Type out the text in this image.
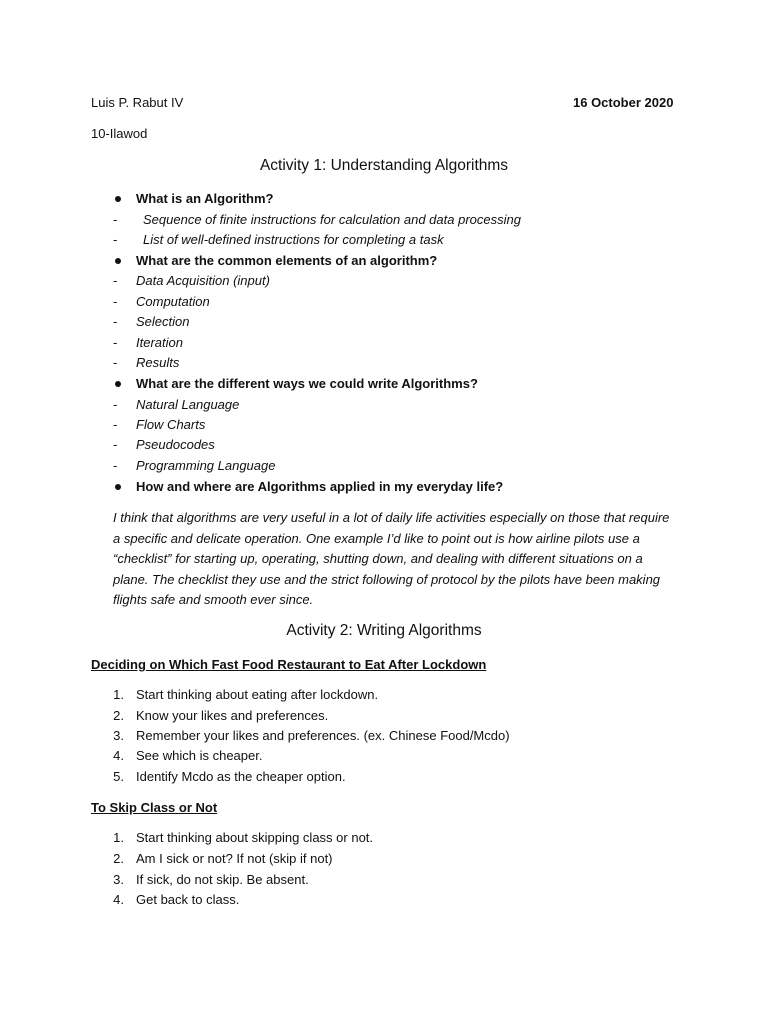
Luis P. Rabut IV	16 October 2020
10-Ilawod
Activity 1: Understanding Algorithms
What is an Algorithm?
- Sequence of finite instructions for calculation and data processing
- List of well-defined instructions for completing a task
What are the common elements of an algorithm?
- Data Acquisition (input)
- Computation
- Selection
- Iteration
- Results
What are the different ways we could write Algorithms?
- Natural Language
- Flow Charts
- Pseudocodes
- Programming Language
How and where are Algorithms applied in my everyday life?
I think that algorithms are very useful in a lot of daily life activities especially on those that require a specific and delicate operation. One example I’d like to point out is how airline pilots use a “checklist” for starting up, operating, shutting down, and dealing with different situations on a plane. The checklist they use and the strict following of protocol by the pilots have been making flights safe and smooth ever since.
Activity 2: Writing Algorithms
Deciding on Which Fast Food Restaurant to Eat After Lockdown
1. Start thinking about eating after lockdown.
2. Know your likes and preferences.
3. Remember your likes and preferences. (ex. Chinese Food/Mcdo)
4. See which is cheaper.
5. Identify Mcdo as the cheaper option.
To Skip Class or Not
1. Start thinking about skipping class or not.
2. Am I sick or not? If not (skip if not)
3. If sick, do not skip. Be absent.
4. Get back to class.
